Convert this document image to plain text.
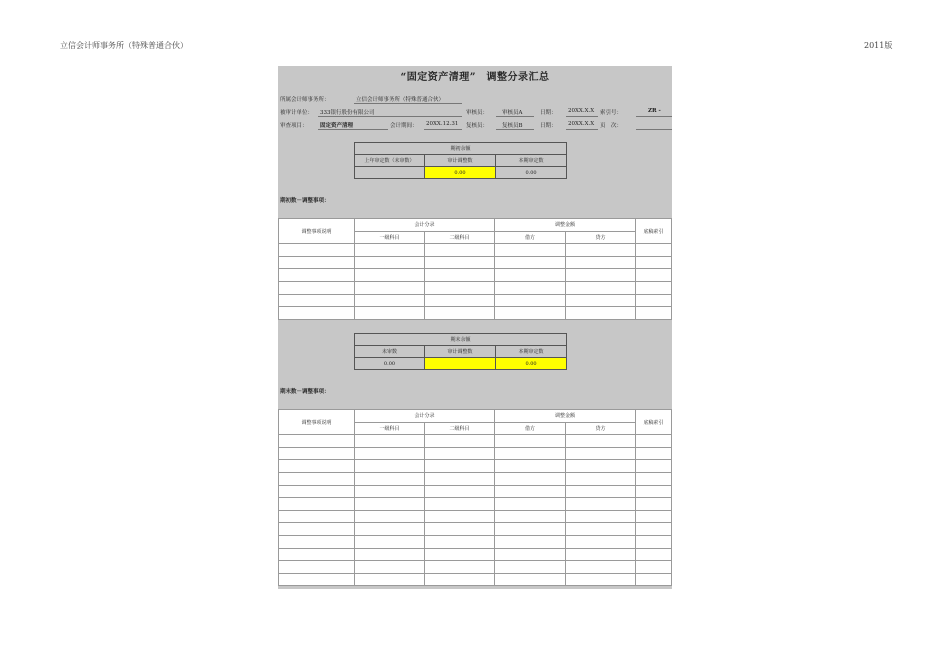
立信会计师事务所（特殊普通合伙）	2011版
“固定资产清理”　调整分录汇总
所属会计师事务所：	立信会计师事务所（特殊普通合伙）
被审计单位： 333银行股份有限公司	审核员：	审核员A	日期： 20XX.X.X 索引号：	ZR -
审查项目： 固定资产清理	会计期间： 20XX.12.31 复核员：	复核员B	日期： 20XX.X.X 页　次：
期初余额		
上年审定数（未审数）	审计调整数	本期审定数
	0.00	0.00
期初数－调整事项：
调整事项说明	会计分录		调整金额		底稿索引
	一级科目	二级科目	借方	贷方	

期末余额		
未审数	审计调整数	本期审定数
0.00		0.00
期末数－调整事项：
调整事项说明	会计分录		调整金额		底稿索引
	一级科目	二级科目	借方	贷方	
